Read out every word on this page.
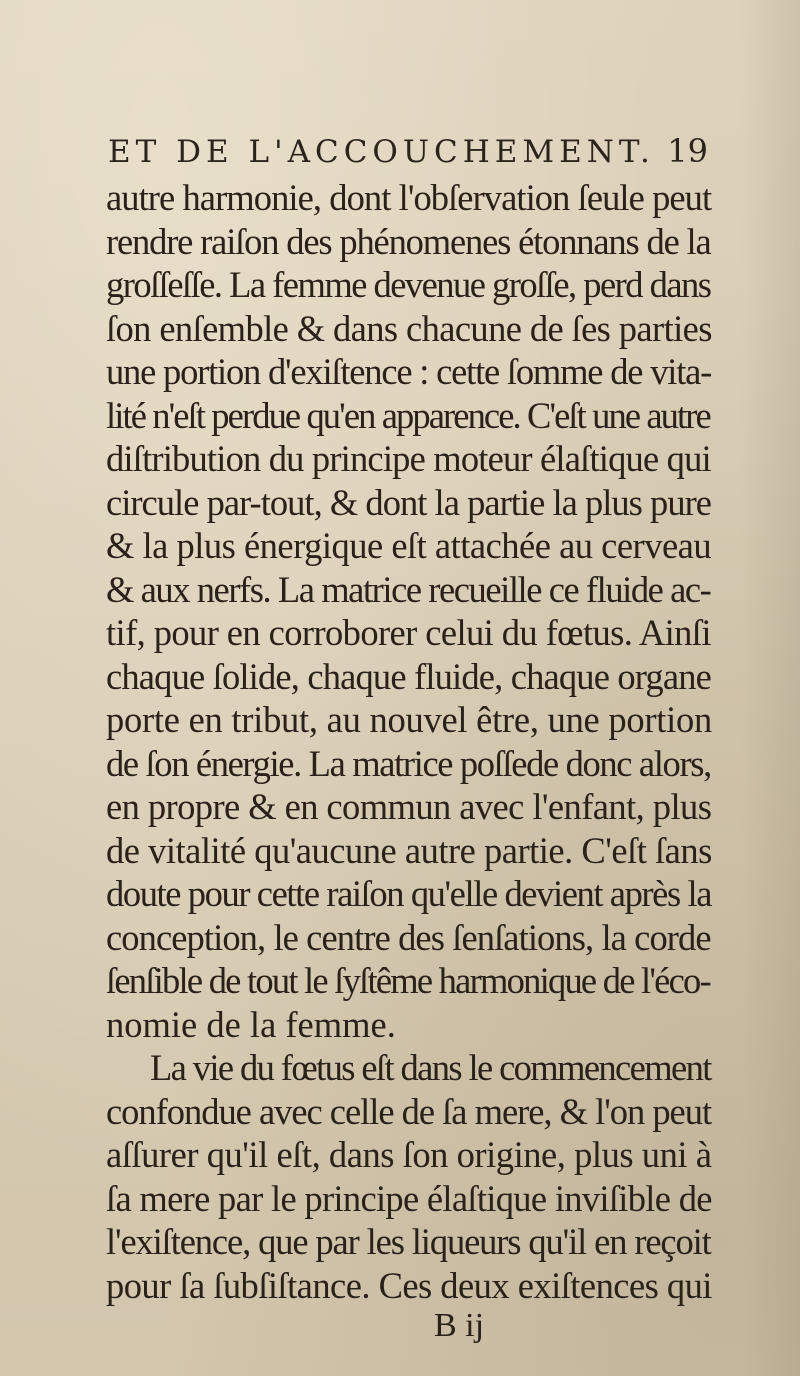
ET DE L'ACCOUCHEMENT. 19
autre harmonie, dont l'obſervation ſeule peut
rendre raiſon des phénomenes étonnans de la
groſſeſſe. La femme devenue groſſe, perd dans
ſon enſemble & dans chacune de ſes parties
une portion d'exiſtence : cette ſomme de vita-
lité n'eſt perdue qu'en apparence. C'eſt une autre
diſtribution du principe moteur élaſtique qui
circule par-tout, & dont la partie la plus pure
& la plus énergique eſt attachée au cerveau
& aux nerfs. La matrice recueille ce fluide ac-
tif, pour en corroborer celui du fœtus. Ainſi
chaque ſolide, chaque fluide, chaque organe
porte en tribut, au nouvel être, une portion
de ſon énergie. La matrice poſſede donc alors,
en propre & en commun avec l'enfant, plus
de vitalité qu'aucune autre partie. C'eſt ſans
doute pour cette raiſon qu'elle devient après la
conception, le centre des ſenſations, la corde
ſenſible de tout le ſyſtême harmonique de l'éco-
nomie de la femme.
La vie du fœtus eſt dans le commencement
confondue avec celle de ſa mere, & l'on peut
aſſurer qu'il eſt, dans ſon origine, plus uni à
ſa mere par le principe élaſtique inviſible de
l'exiſtence, que par les liqueurs qu'il en reçoit
pour ſa ſubſiſtance. Ces deux exiſtences qui
B ij
